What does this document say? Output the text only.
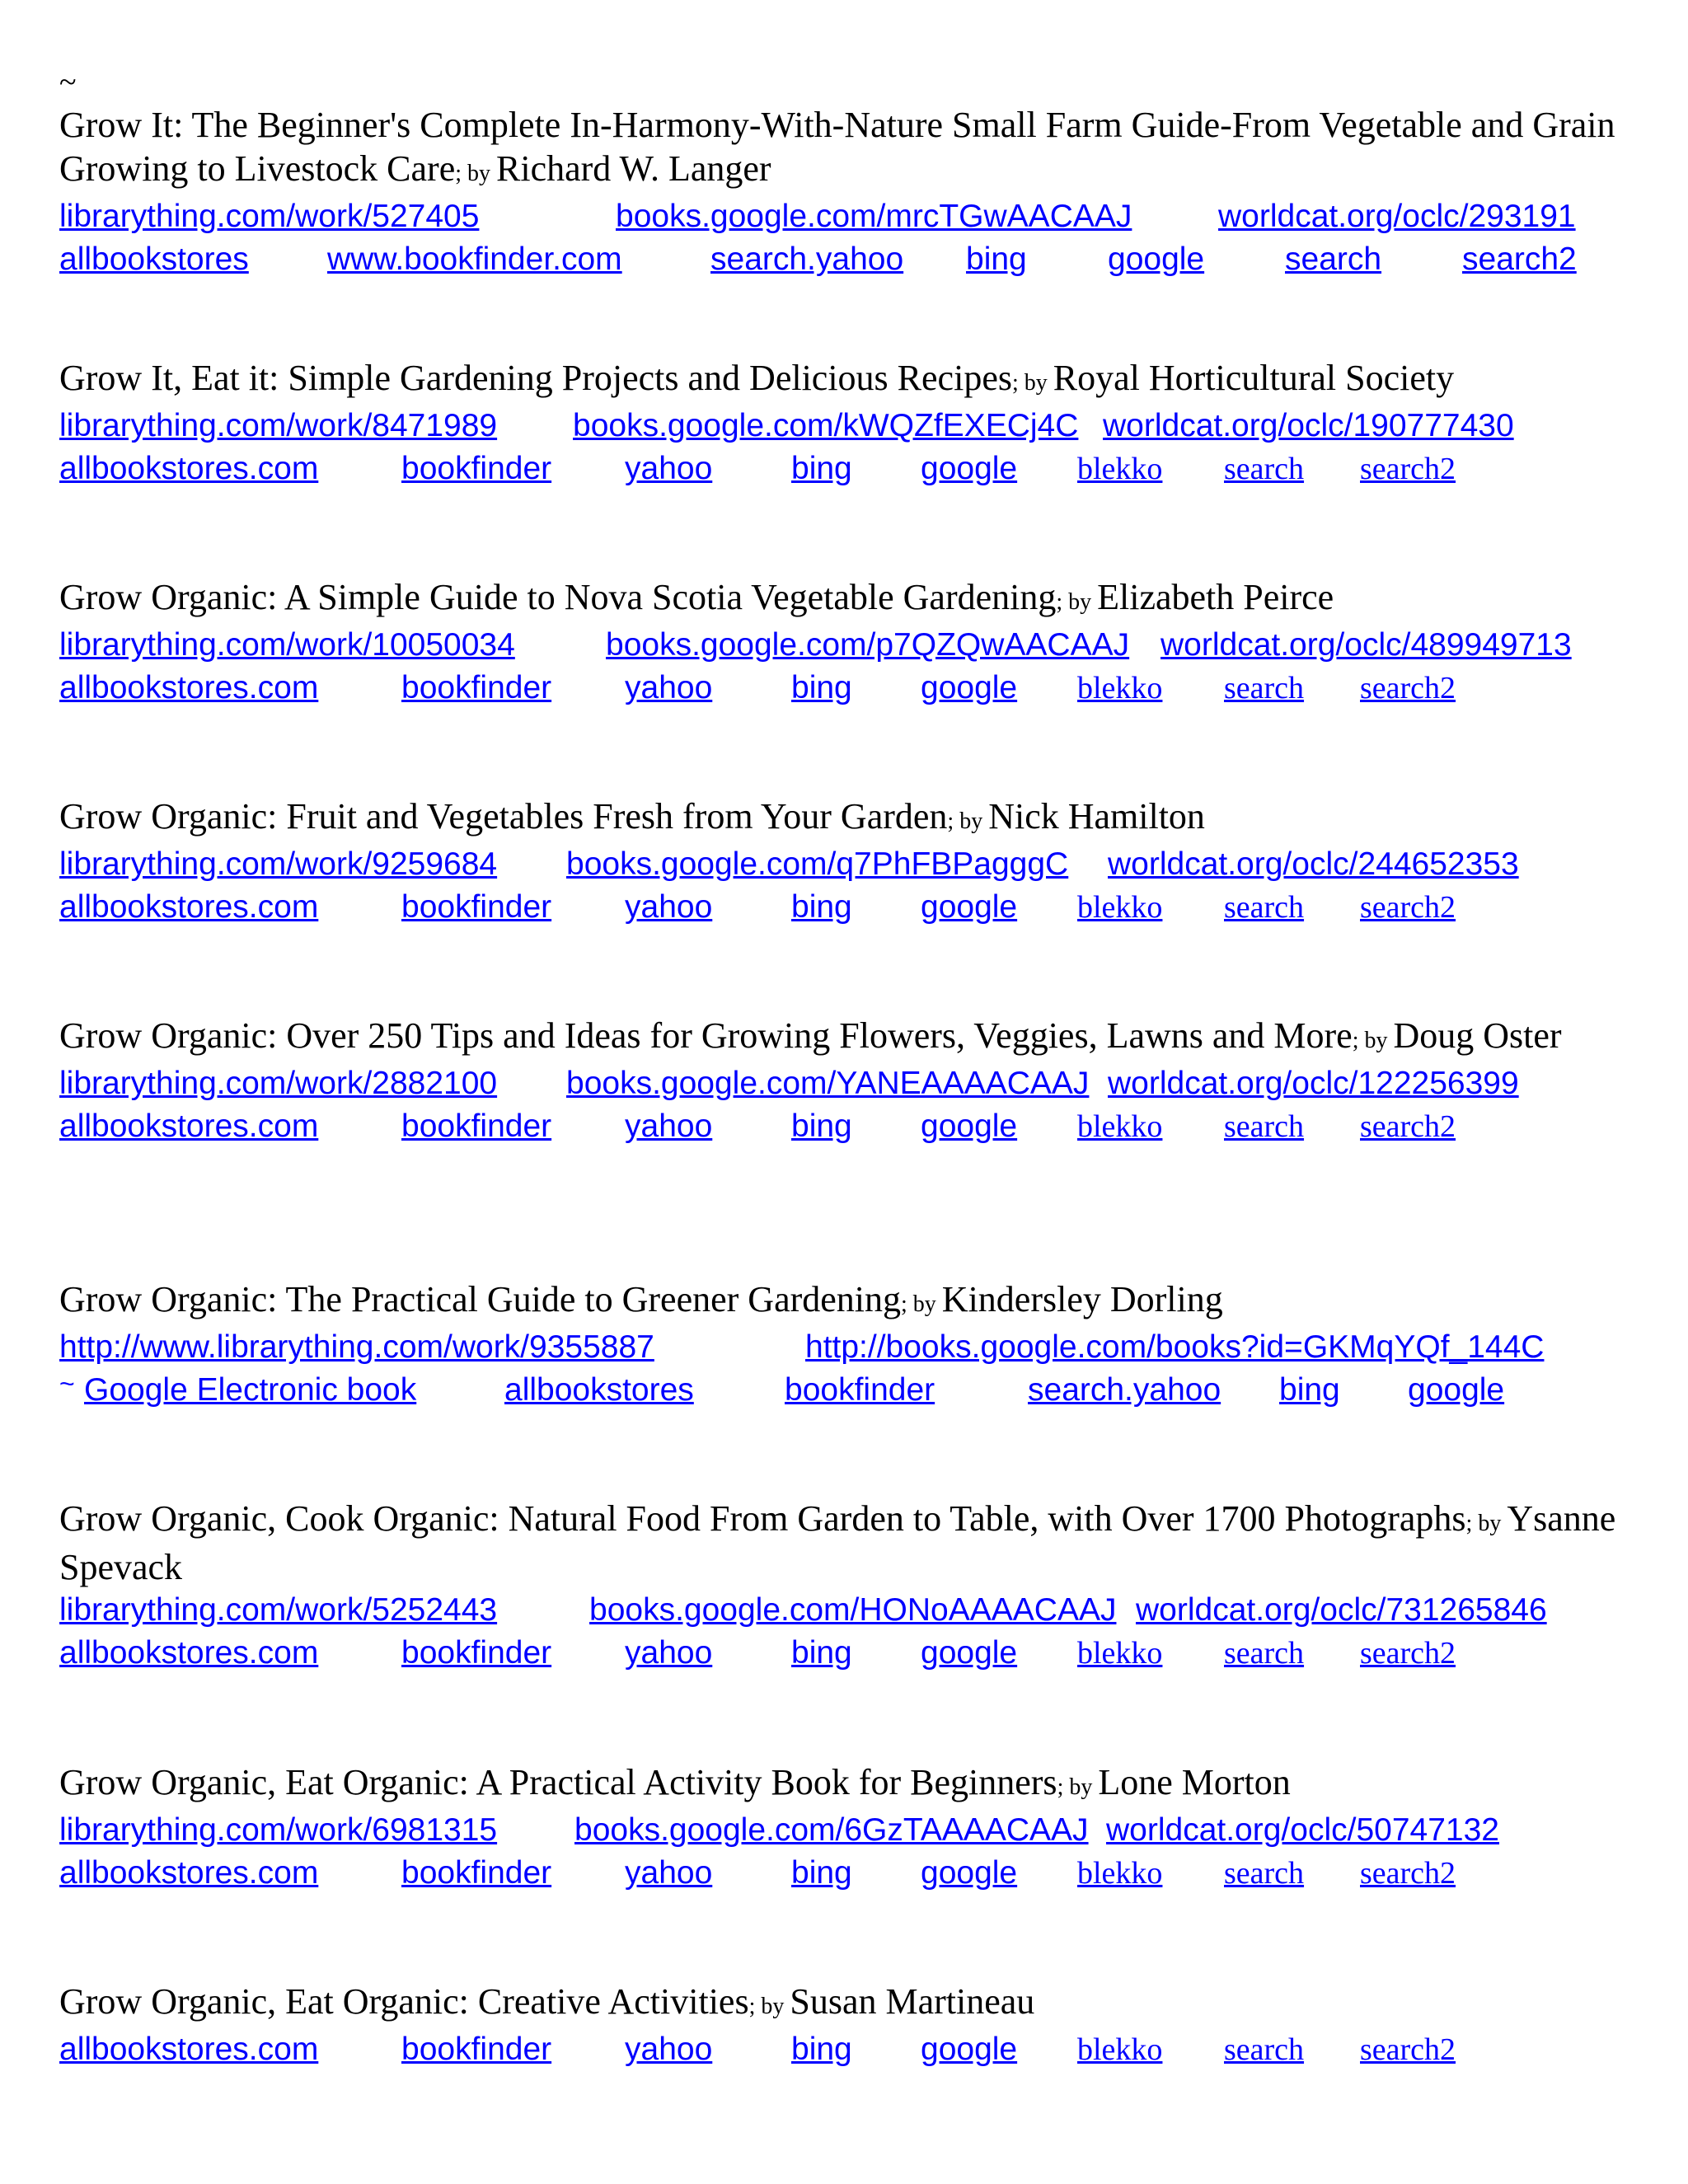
~

Grow It: The Beginner's Complete In-Harmony-With-Nature Small Farm Guide-From Vegetable and Grain Growing to Livestock Care; by Richard W. Langer

librarything.com/work/527405	books.google.com/mrcTGwAACAAJ	worldcat.org/oclc/293191
allbookstores www.bookfinder.com	search.yahoo bing	google	search	search2

Grow It, Eat it: Simple Gardening Projects and Delicious Recipes; by Royal Horticultural Society

librarything.com/work/8471989 books.google.com/kWQZfEXECj4C worldcat.org/oclc/190777430
allbookstores.com	bookfinder yahoo bing google blekko search search2

Grow Organic: A Simple Guide to Nova Scotia Vegetable Gardening; by Elizabeth Peirce

librarything.com/work/10050034	books.google.com/p7QZQwAACAAJ worldcat.org/oclc/489949713
allbookstores.com	bookfinder yahoo bing google blekko search search2

Grow Organic: Fruit and Vegetables Fresh from Your Garden; by Nick Hamilton

librarything.com/work/9259684 books.google.com/q7PhFBPagggC worldcat.org/oclc/244652353
allbookstores.com	bookfinder yahoo bing google blekko search search2

Grow Organic: Over 250 Tips and Ideas for Growing Flowers, Veggies, Lawns and More; by Doug Oster

librarything.com/work/2882100 books.google.com/YANEAAAACAAJ worldcat.org/oclc/122256399
allbookstores.com	bookfinder yahoo bing google blekko search search2

Grow Organic: The Practical Guide to Greener Gardening; by Kindersley Dorling

http://www.librarything.com/work/9355887	http://books.google.com/books?id=GKMqYQf_144C
~ Google Electronic book	allbookstores	bookfinder	search.yahoo bing google

Grow Organic, Cook Organic: Natural Food From Garden to Table, with Over 1700 Photographs; by Ysanne Spevack

librarything.com/work/5252443	books.google.com/HONoAAAACAAJ worldcat.org/oclc/731265846
allbookstores.com	bookfinder yahoo bing google blekko search search2

Grow Organic, Eat Organic: A Practical Activity Book for Beginners; by Lone Morton

librarything.com/work/6981315 books.google.com/6GzTAAAACAAJ worldcat.org/oclc/50747132
allbookstores.com	bookfinder yahoo bing google blekko search search2

Grow Organic, Eat Organic: Creative Activities; by Susan Martineau

allbookstores.com	bookfinder yahoo bing google blekko search search2
